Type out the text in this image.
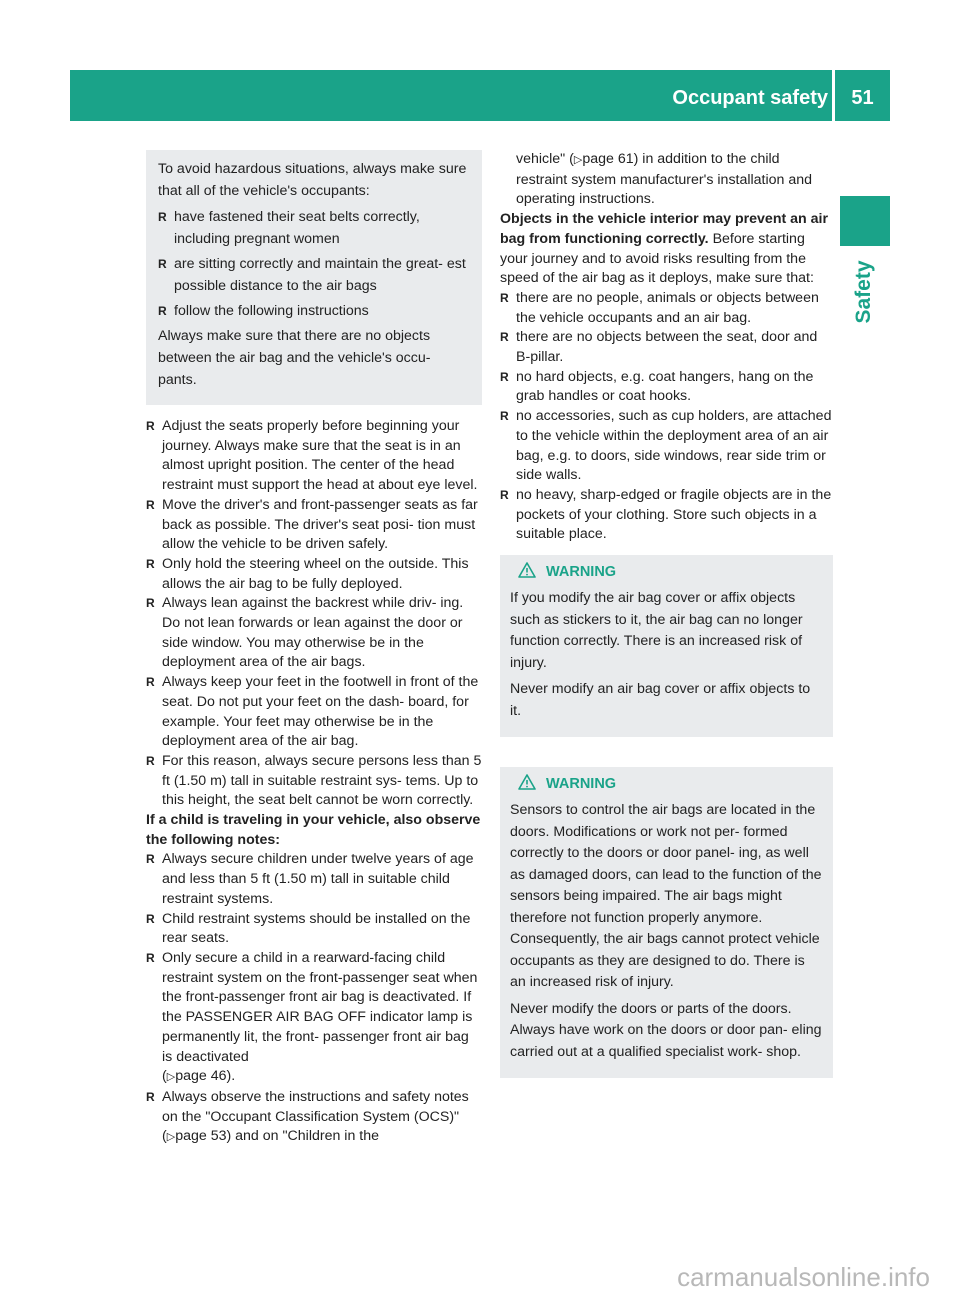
Occupant safety	51
Safety

To avoid hazardous situations, always make sure that all of the vehicle's occupants:

R have fastened their seat belts correctly, including pregnant women
R are sitting correctly and maintain the great- est possible distance to the air bags
R follow the following instructions

Always make sure that there are no objects between the air bag and the vehicle's occu- pants.

R Adjust the seats properly before beginning your journey. Always make sure that the seat is in an almost upright position. The center of the head restraint must support the head at about eye level.
R Move the driver's and front-passenger seats as far back as possible. The driver's seat posi- tion must allow the vehicle to be driven safely.
R Only hold the steering wheel on the outside. This allows the air bag to be fully deployed.
R Always lean against the backrest while driv- ing. Do not lean forwards or lean against the door or side window. You may otherwise be in the deployment area of the air bags.
R Always keep your feet in the footwell in front of the seat. Do not put your feet on the dash- board, for example. Your feet may otherwise be in the deployment area of the air bag.
R For this reason, always secure persons less than 5 ft (1.50 m) tall in suitable restraint sys- tems. Up to this height, the seat belt cannot be worn correctly.

If a child is traveling in your vehicle, also observe the following notes:

R Always secure children under twelve years of age and less than 5 ft (1.50 m) tall in suitable child restraint systems.
R Child restraint systems should be installed on the rear seats.
R Only secure a child in a rearward-facing child restraint system on the front-passenger seat when the front-passenger front air bag is deactivated. If the PASSENGER AIR BAG OFF indicator lamp is permanently lit, the front- passenger front air bag is deactivated
(▷page 46).
R Always observe the instructions and safety notes on the "Occupant Classification System (OCS)" (▷page 53) and on "Children in the
vehicle" (▷page 61) in addition to the child restraint system manufacturer's installation and operating instructions.

Objects in the vehicle interior may prevent an air bag from functioning correctly. Before starting your journey and to avoid risks resulting from the speed of the air bag as it deploys, make sure that:

R there are no people, animals or objects between the vehicle occupants and an air bag.
R there are no objects between the seat, door and B-pillar.
R no hard objects, e.g. coat hangers, hang on the grab handles or coat hooks.
R no accessories, such as cup holders, are attached to the vehicle within the deployment area of an air bag, e.g. to doors, side windows, rear side trim or side walls.
R no heavy, sharp-edged or fragile objects are in the pockets of your clothing. Store such objects in a suitable place.
WARNING

If you modify the air bag cover or affix objects such as stickers to it, the air bag can no longer function correctly. There is an increased risk of injury.

Never modify an air bag cover or affix objects to it.

WARNING

Sensors to control the air bags are located in the doors. Modifications or work not per- formed correctly to the doors or door panel- ing, as well as damaged doors, can lead to the function of the sensors being impaired. The air bags might therefore not function properly anymore. Consequently, the air bags cannot protect vehicle occupants as they are designed to do. There is an increased risk of injury.

Never modify the doors or parts of the doors. Always have work on the doors or door pan- eling carried out at a qualified specialist work- shop.

carmanualsonline.info
